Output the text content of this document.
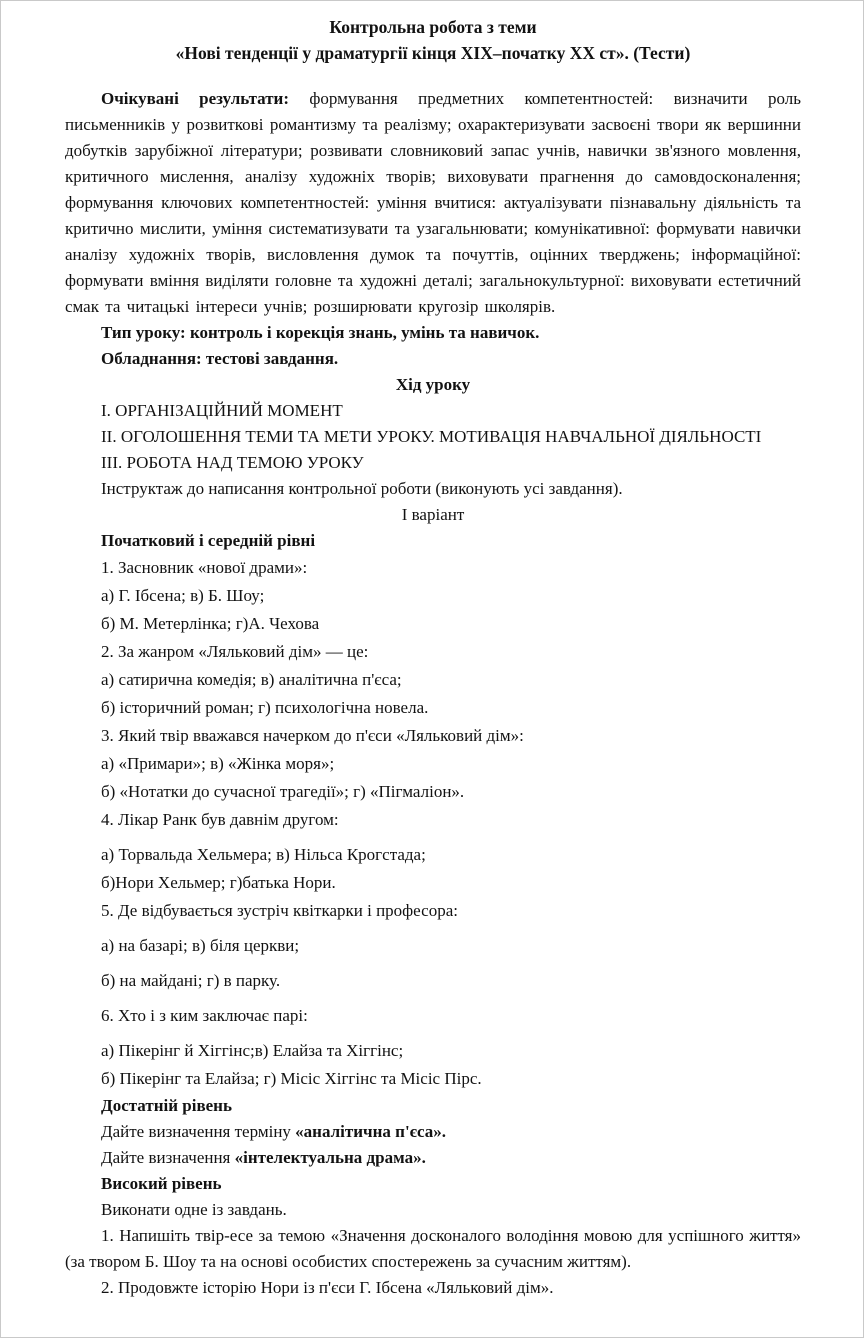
Контрольна робота з теми
«Нові тенденції у драматургії кінця XIX–початку XX ст». (Тести)

Очікувані результати: формування предметних компетентностей: визначити роль письменників у розвиткові романтизму та реалізму; охарактеризувати засвоєні твори як вершинни добутків зарубіжної літератури; розвивати словниковий запас учнів, навички зв'язного мовлення, критичного мислення, аналізу художніх творів; виховувати прагнення до самовдосконалення; формування ключових компетентностей: уміння вчитися: актуалізувати пізнавальну діяльність та критично мислити, уміння систематизувати та узагальнювати; комунікативної: формувати навички аналізу художніх творів, висловлення думок та почуттів, оцінних тверджень; інформаційної: формувати вміння виділяти головне та художні деталі; загальнокультурної: виховувати естетичний смак та читацькі інтереси учнів; розширювати кругозір школярів.

Тип уроку: контроль і корекція знань, умінь та навичок.

Обладнання: тестові завдання.

Хід уроку

І. ОРГАНІЗАЦІЙНИЙ МОМЕНТ

ІІ. ОГОЛОШЕННЯ ТЕМИ ТА МЕТИ УРОКУ. МОТИВАЦІЯ НАВЧАЛЬНОЇ ДІЯЛЬНОСТІ

ІІІ. РОБОТА НАД ТЕМОЮ УРОКУ

Інструктаж до написання контрольної роботи (виконують усі завдання).

І варіант

Початковий і середній рівні

1. Засновник «нової драми»:

а) Г. Ібсена; в) Б. Шоу;

б) М. Метерлінка; г)А. Чехова

2. За жанром «Ляльковий дім» — це:

а) сатирична комедія; в) аналітична п'єса;

б) історичний роман; г) психологічна новела.

3. Який твір вважався начерком до п'єси «Ляльковий дім»:

а) «Примари»; в) «Жінка моря»;

б) «Нотатки до сучасної трагедії»; г) «Пігмаліон».

4. Лікар Ранк був давнім другом:

а) Торвальда Хельмера; в) Нільса Крогстада;

б)Нори Хельмер; г)батька Нори.

5. Де відбувається зустріч квіткарки і професора:

а) на базарі; в) біля церкви;

б) на майдані; г) в парку.

6. Хто і з ким заключає парі:

а) Пікерінг й Хіггінс;в) Елайза та Хіггінс;

б) Пікерінг та Елайза; г) Місіс Хіггінс та Місіс Пірс.

Достатній рівень

Дайте визначення терміну «аналітична п'єса».

Дайте визначення «інтелектуальна драма».

Високий рівень

Виконати одне із завдань.

1. Напишіть твір-есе за темою «Значення досконалого володіння мовою для успішного життя» (за твором Б. Шоу та на основі особистих спостережень за сучасним життям).

2. Продовжте історію Нори із п'єси Г. Ібсена «Ляльковий дім».
